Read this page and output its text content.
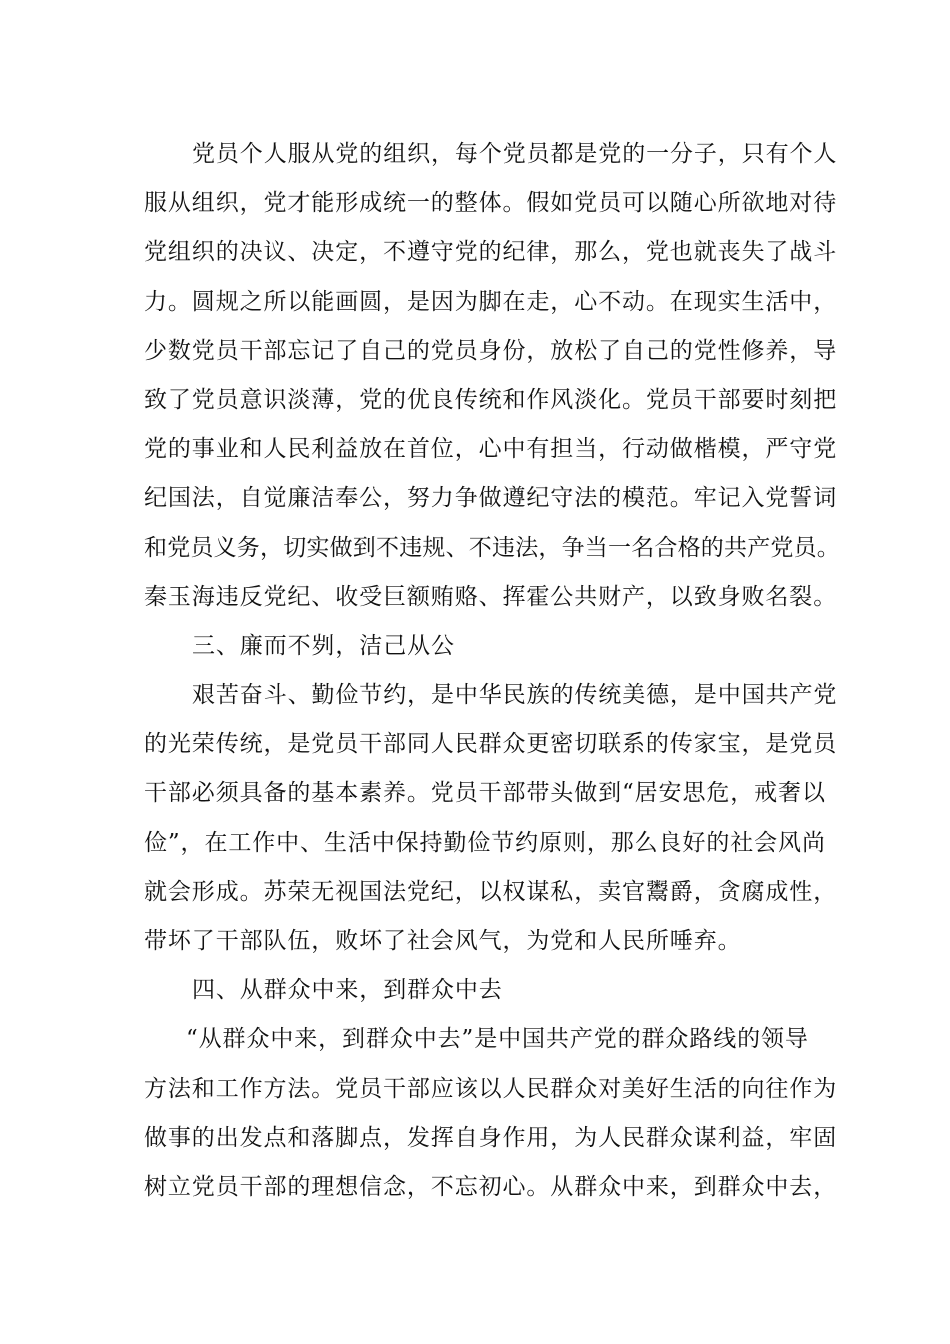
党员个人服从党的组织，每个党员都是党的一分子，只有个人
服从组织，党才能形成统一的整体。假如党员可以随心所欲地对待
党组织的决议、决定，不遵守党的纪律，那么，党也就丧失了战斗
力。圆规之所以能画圆，是因为脚在走，心不动。在现实生活中，
少数党员干部忘记了自己的党员身份，放松了自己的党性修养，导
致了党员意识淡薄，党的优良传统和作风淡化。党员干部要时刻把
党的事业和人民利益放在首位，心中有担当，行动做楷模，严守党
纪国法，自觉廉洁奉公，努力争做遵纪守法的模范。牢记入党誓词
和党员义务，切实做到不违规、不违法，争当一名合格的共产党员。
秦玉海违反党纪、收受巨额贿赂、挥霍公共财产，以致身败名裂。
三、廉而不刿，洁己从公
艰苦奋斗、勤俭节约，是中华民族的传统美德，是中国共产党
的光荣传统，是党员干部同人民群众更密切联系的传家宝，是党员
干部必须具备的基本素养。党员干部带头做到“居安思危，戒奢以
俭”，在工作中、生活中保持勤俭节约原则，那么良好的社会风尚
就会形成。苏荣无视国法党纪，以权谋私，卖官鬻爵，贪腐成性，
带坏了干部队伍，败坏了社会风气，为党和人民所唾弃。
四、从群众中来，到群众中去
“从群众中来，到群众中去”是中国共产党的群众路线的领导
方法和工作方法。党员干部应该以人民群众对美好生活的向往作为
做事的出发点和落脚点，发挥自身作用，为人民群众谋利益，牢固
树立党员干部的理想信念，不忘初心。从群众中来，到群众中去，
